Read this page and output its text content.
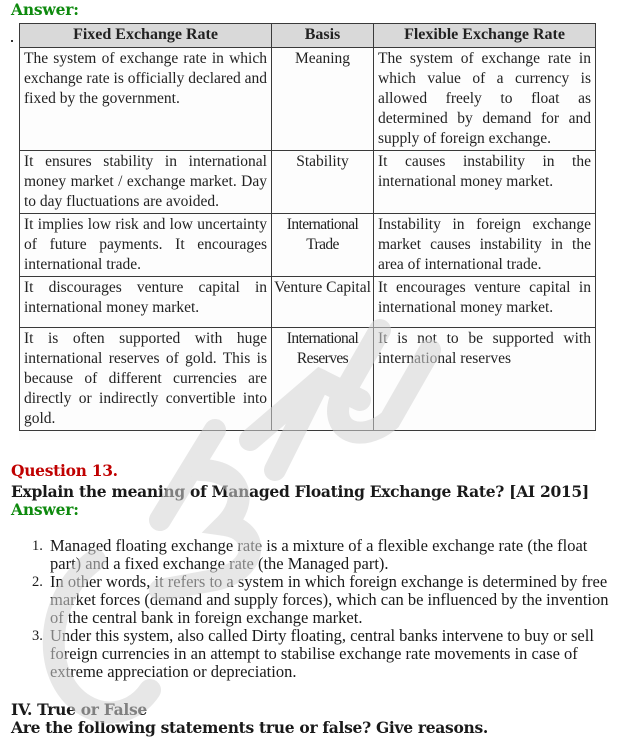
Answer:
Fixed Exchange Rate	Basis	Flexible Exchange Rate
The system of exchange rate in which exchange rate is officially declared and fixed by the government.	Meaning	The system of exchange rate in which value of a currency is allowed freely to float as determined by demand for and supply of foreign exchange.
It ensures stability in international money market / exchange market. Day to day fluctuations are avoided.	Stability	It causes instability in the international money market.
It implies low risk and low uncertainty of future payments. It encourages international trade.	International Trade	Instability in foreign exchange market causes instability in the area of international trade.
It discourages venture capital in international money market.	Venture Capital	It encourages venture capital in international money market.
It is often supported with huge international reserves of gold. This is because of different currencies are directly or indirectly convertible into gold.	International Reserves	It is not to be supported with international reserves
Question 13.
Explain the meaning of Managed Floating Exchange Rate? [AI 2015]
Answer:
1. Managed floating exchange rate is a mixture of a flexible exchange rate (the float part) and a fixed exchange rate (the Managed part).
2. In other words, it refers to a system in which foreign exchange is determined by free market forces (demand and supply forces), which can be influenced by the invention of the central bank in foreign exchange market.
3. Under this system, also called Dirty floating, central banks intervene to buy or sell foreign currencies in an attempt to stabilise exchange rate movements in case of extreme appreciation or depreciation.
IV. True or False
Are the following statements true or false? Give reasons.
